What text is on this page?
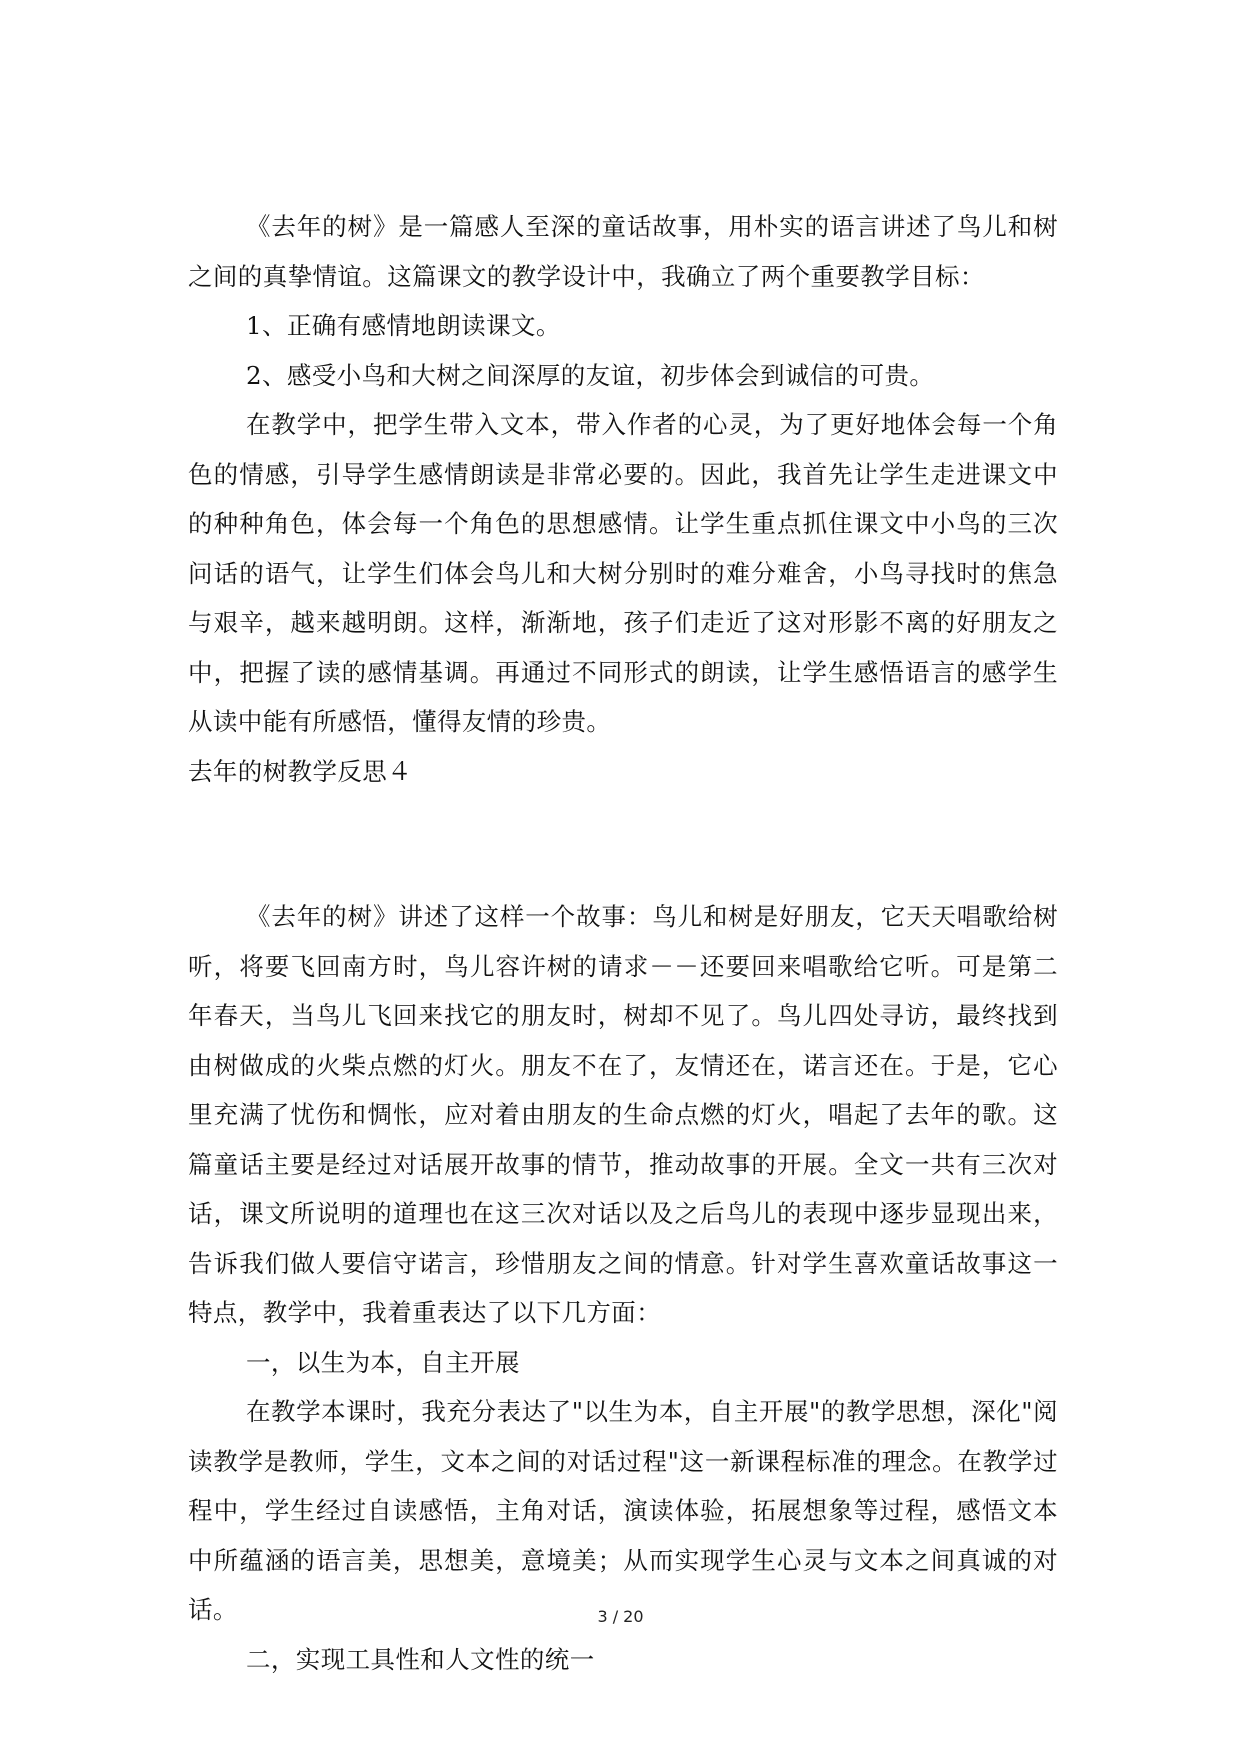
《去年的树》是一篇感人至深的童话故事，用朴实的语言讲述了鸟儿和树之间的真挚情谊。这篇课文的教学设计中，我确立了两个重要教学目标：

1、正确有感情地朗读课文。

2、感受小鸟和大树之间深厚的友谊，初步体会到诚信的可贵。

在教学中，把学生带入文本，带入作者的心灵，为了更好地体会每一个角色的情感，引导学生感情朗读是非常必要的。因此，我首先让学生走进课文中的种种角色，体会每一个角色的思想感情。让学生重点抓住课文中小鸟的三次问话的语气，让学生们体会鸟儿和大树分别时的难分难舍，小鸟寻找时的焦急与艰辛，越来越明朗。这样，渐渐地，孩子们走近了这对形影不离的好朋友之中，把握了读的感情基调。再通过不同形式的朗读，让学生感悟语言的感学生从读中能有所感悟，懂得友情的珍贵。

去年的树教学反思４

《去年的树》讲述了这样一个故事：鸟儿和树是好朋友，它天天唱歌给树听，将要飞回南方时，鸟儿容许树的请求－－还要回来唱歌给它听。可是第二年春天，当鸟儿飞回来找它的朋友时，树却不见了。鸟儿四处寻访，最终找到由树做成的火柴点燃的灯火。朋友不在了，友情还在，诺言还在。于是，它心里充满了忧伤和惆怅，应对着由朋友的生命点燃的灯火，唱起了去年的歌。这篇童话主要是经过对话展开故事的情节，推动故事的开展。全文一共有三次对话，课文所说明的道理也在这三次对话以及之后鸟儿的表现中逐步显现出来，告诉我们做人要信守诺言，珍惜朋友之间的情意。针对学生喜欢童话故事这一特点，教学中，我着重表达了以下几方面：

一，以生为本，自主开展

在教学本课时，我充分表达了"以生为本，自主开展"的教学思想，深化"阅读教学是教师，学生，文本之间的对话过程"这一新课程标准的理念。在教学过程中，学生经过自读感悟，主角对话，演读体验，拓展想象等过程，感悟文本中所蕴涵的语言美，思想美，意境美；从而实现学生心灵与文本之间真诚的对话。

二，实现工具性和人文性的统一

3 / 20
